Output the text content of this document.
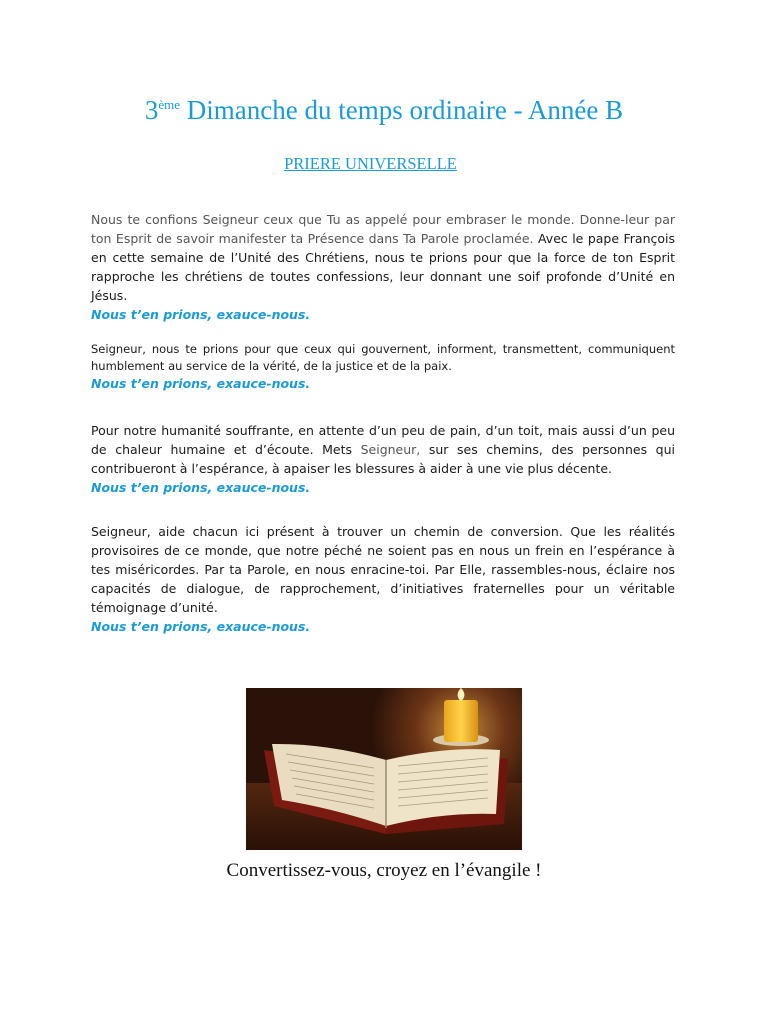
3ème Dimanche du temps ordinaire - Année B
PRIERE UNIVERSELLE
Nous te confions Seigneur ceux que Tu as appelé pour embraser le monde. Donne-leur par ton Esprit de savoir manifester ta Présence dans Ta Parole proclamée. Avec le pape François en cette semaine de l’Unité des Chrétiens, nous te prions pour que la force de ton Esprit rapproche les chrétiens de toutes confessions, leur donnant une soif profonde d’Unité en Jésus.
Nous t’en prions, exauce-nous.
Seigneur, nous te prions pour que ceux qui gouvernent, informent, transmettent, communiquent humblement au service de la vérité, de la justice et de la paix.
Nous t’en prions, exauce-nous.
Pour notre humanité souffrante, en attente d’un peu de pain, d’un toit, mais aussi d’un peu de chaleur humaine et d’écoute. Mets Seigneur, sur ses chemins, des personnes qui contribueront à l’espérance, à apaiser les blessures à aider à une vie plus décente.
Nous t’en prions, exauce-nous.
Seigneur, aide chacun ici présent à trouver un chemin de conversion. Que les réalités provisoires de ce monde, que notre péché ne soient pas en nous un frein en l’espérance à tes miséricordes. Par ta Parole, en nous enracine-toi. Par Elle, rassembles-nous, éclaire nos capacités de dialogue, de rapprochement, d’initiatives fraternelles pour un véritable témoignage d’unité.
Nous t’en prions, exauce-nous.
Convertissez-vous, croyez en l’évangile !
